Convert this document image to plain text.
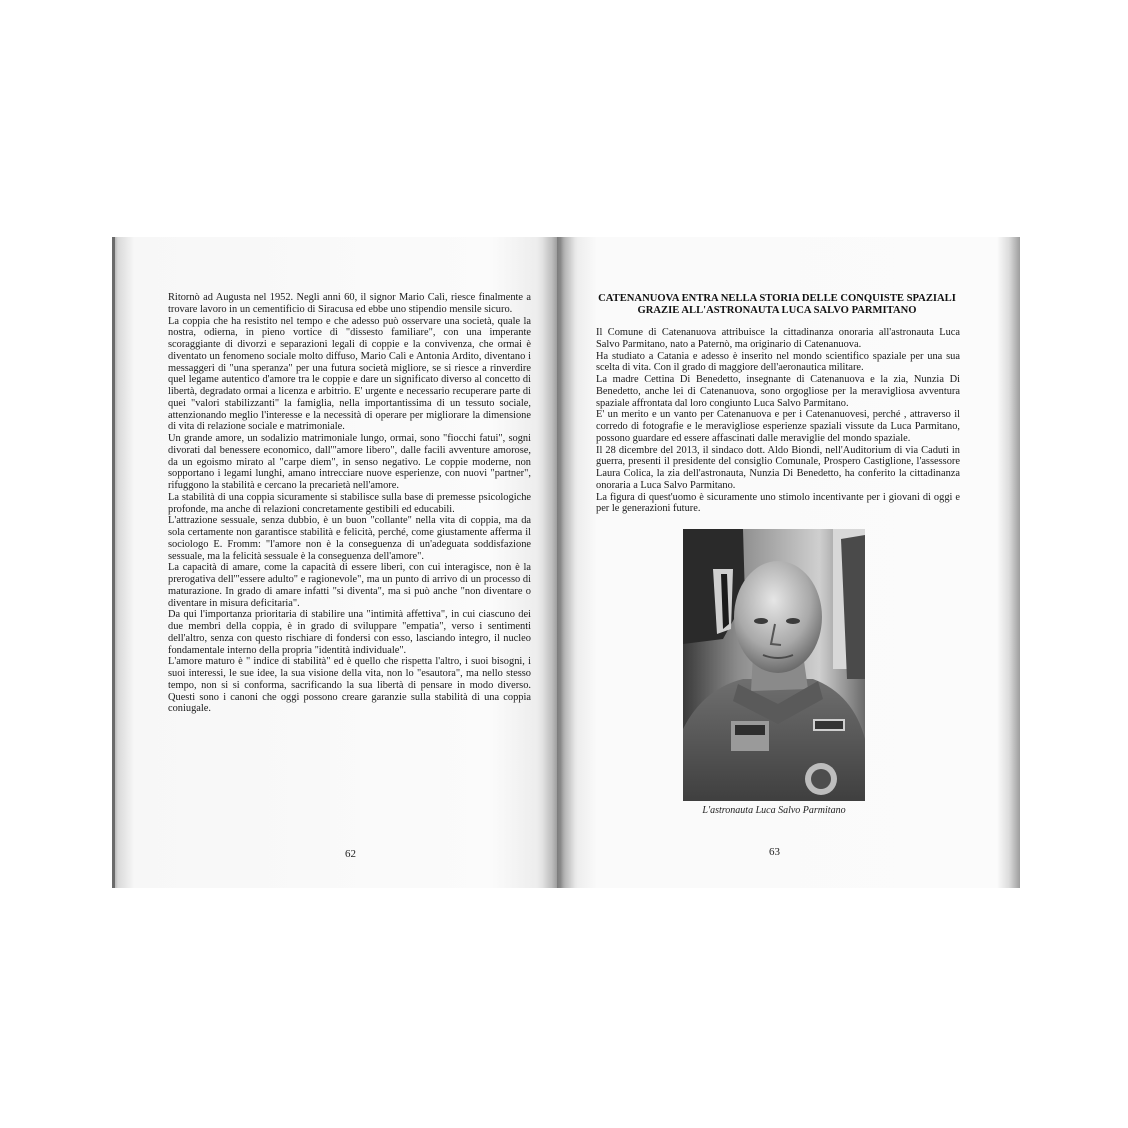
Ritornò ad Augusta nel 1952. Negli anni 60, il signor Mario Calì, riesce finalmente a trovare lavoro in un cementificio di Siracusa ed ebbe uno stipendio mensile sicuro.

La coppia che ha resistito nel tempo e che adesso può osservare una società, quale la nostra, odierna, in pieno vortice di "dissesto familiare", con una imperante scoraggiante di divorzi e separazioni legali di coppie e la convivenza, che ormai è diventato un fenomeno sociale molto diffuso, Mario Calì e Antonia Ardito, diventano i messaggeri di "una speranza" per una futura società migliore, se si riesce a rinverdire quel legame autentico d'amore tra le coppie e dare un significato diverso al concetto di libertà, degradato ormai a licenza e arbitrio. E' urgente e necessario recuperare parte di quei "valori stabilizzanti" la famiglia, nella importantissima di un tessuto sociale, attenzionando meglio l'interesse e la necessità di operare per migliorare la dimensione di vita di relazione sociale e matrimoniale.

Un grande amore, un sodalizio matrimoniale lungo, ormai, sono "fiocchi fatui", sogni divorati dal benessere economico, dall'"amore libero", dalle facili avventure amorose, da un egoismo mirato al "carpe diem", in senso negativo. Le coppie moderne, non sopportano i legami lunghi, amano intrecciare nuove esperienze, con nuovi "partner", rifuggono la stabilità e cercano la precarietà nell'amore.

La stabilità di una coppia sicuramente si stabilisce sulla base di premesse psicologiche profonde, ma anche di relazioni concretamente gestibili ed educabili.

L'attrazione sessuale, senza dubbio, è un buon "collante" nella vita di coppia, ma da sola certamente non garantisce stabilità e felicità, perché, come giustamente afferma il sociologo E. Fromm: "l'amore non è la conseguenza di un'adeguata soddisfazione sessuale, ma la felicità sessuale è la conseguenza dell'amore".

La capacità di amare, come la capacità di essere liberi, con cui interagisce, non è la prerogativa dell'"essere adulto" e ragionevole", ma un punto di arrivo di un processo di maturazione. In grado di amare infatti "si diventa", ma si può anche "non diventare o diventare in misura deficitaria".

Da qui l'importanza prioritaria di stabilire una "intimità affettiva", in cui ciascuno dei due membri della coppia, è in grado di sviluppare "empatia", verso i sentimenti dell'altro, senza con questo rischiare di fondersi con esso, lasciando integro, il nucleo fondamentale interno della propria "identità individuale".

L'amore maturo è " indice di stabilità" ed è quello che rispetta l'altro, i suoi bisogni, i suoi interessi, le sue idee, la sua visione della vita, non lo "esautora", ma nello stesso tempo, non si si conforma, sacrificando la sua libertà di pensare in modo diverso. Questi sono i canoni che oggi possono creare garanzie sulla stabilità di una coppia coniugale.

62
CATENANUOVA ENTRA NELLA STORIA DELLE CONQUISTE SPAZIALI
GRAZIE ALL'ASTRONAUTA LUCA SALVO PARMITANO

Il Comune di Catenanuova attribuisce la cittadinanza onoraria all'astronauta Luca Salvo Parmitano, nato a Paternò, ma originario di Catenanuova.

Ha studiato a Catania e adesso è inserito nel mondo scientifico spaziale per una sua scelta di vita. Con il grado di maggiore dell'aeronautica militare.

La madre Cettina Di Benedetto, insegnante di Catenanuova e la zia, Nunzia Di Benedetto, anche lei di Catenanuova, sono orgogliose per la meravigliosa avventura spaziale affrontata dal loro congiunto Luca Salvo Parmitano.

E' un merito e un vanto per Catenanuova e per i Catenanuovesi, perché , attraverso il corredo di fotografie e le meravigliose esperienze spaziali vissute da Luca Parmitano, possono guardare ed essere affascinati dalle meraviglie del mondo spaziale.

Il 28 dicembre del 2013, il sindaco dott. Aldo Biondi, nell'Auditorium di via Caduti in guerra, presenti il presidente del consiglio Comunale, Prospero Castiglione, l'assessore Laura Colica, la zia dell'astronauta, Nunzia Di Benedetto, ha conferito la cittadinanza onoraria a Luca Salvo Parmitano.

La figura di quest'uomo è sicuramente uno stimolo incentivante per i giovani di oggi e per le generazioni future.

L'astronauta Luca Salvo Parmitano
63
